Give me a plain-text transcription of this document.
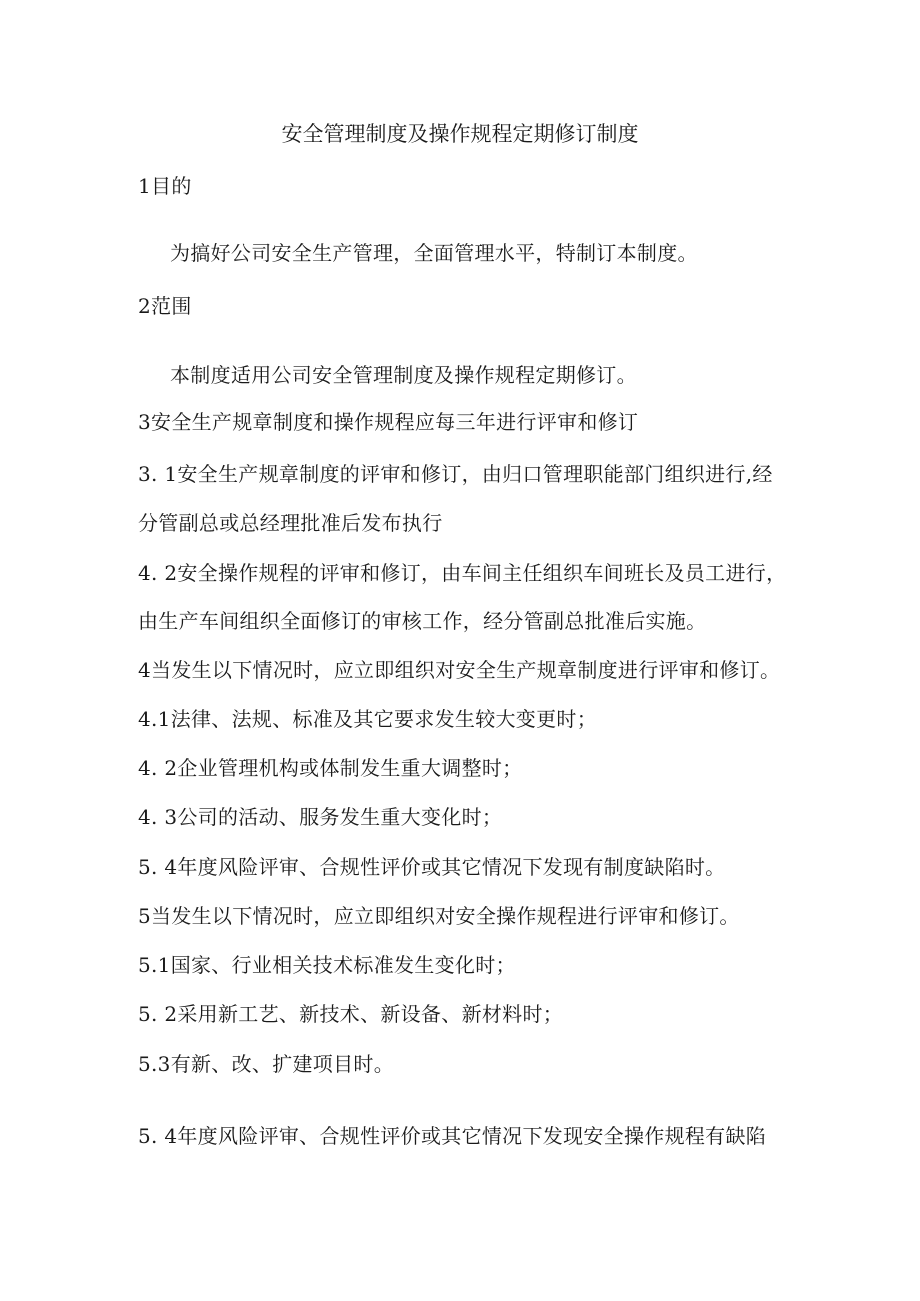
安全管理制度及操作规程定期修订制度
1目的
为搞好公司安全生产管理，全面管理水平，特制订本制度。
2范围
本制度适用公司安全管理制度及操作规程定期修订。
3安全生产规章制度和操作规程应每三年进行评审和修订
3. 1安全生产规章制度的评审和修订，由归口管理职能部门组织进行,经
分管副总或总经理批准后发布执行
4. 2安全操作规程的评审和修订，由车间主任组织车间班长及员工进行，
由生产车间组织全面修订的审核工作，经分管副总批准后实施。
4当发生以下情况时，应立即组织对安全生产规章制度进行评审和修订。
4.1法律、法规、标准及其它要求发生较大变更时；
4. 2企业管理机构或体制发生重大调整时；
4. 3公司的活动、服务发生重大变化时；
5. 4年度风险评审、合规性评价或其它情况下发现有制度缺陷时。
5当发生以下情况时，应立即组织对安全操作规程进行评审和修订。
5.1国家、行业相关技术标准发生变化时；
5. 2采用新工艺、新技术、新设备、新材料时；
5.3有新、改、扩建项目时。
5. 4年度风险评审、合规性评价或其它情况下发现安全操作规程有缺陷
